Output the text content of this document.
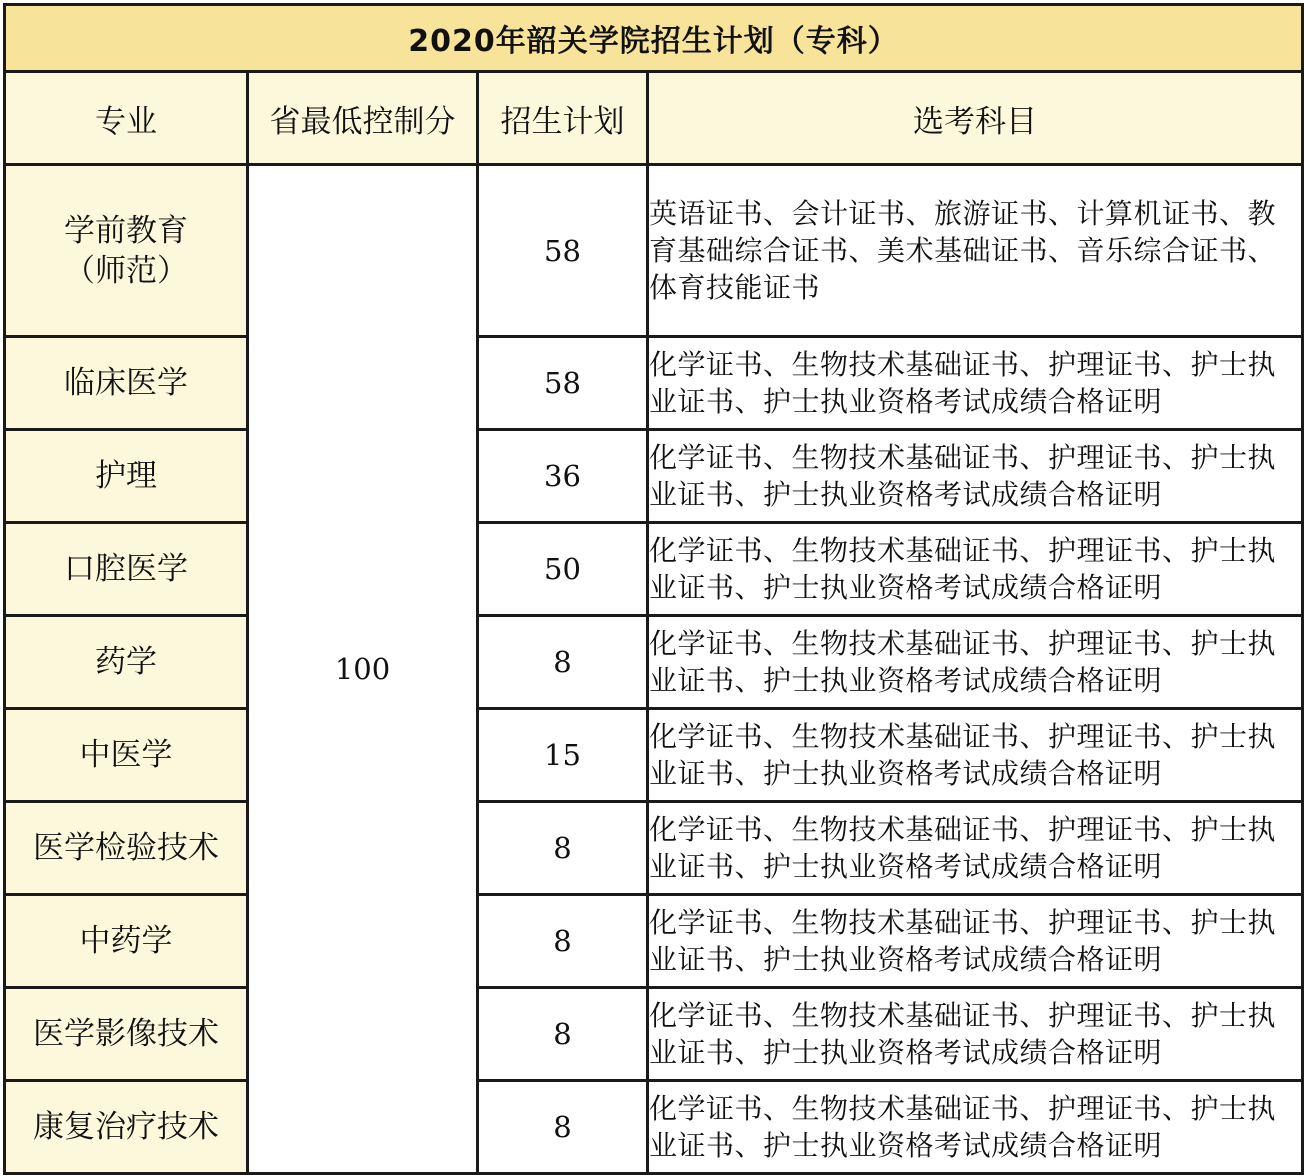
2020年韶关学院招生计划（专科）			
专业	省最低控制分	招生计划	选考科目

学前教育
（师范）	100	58	英语证书、会计证书、旅游证书、计算机证书、教育基础综合证书、美术基础证书、音乐综合证书、体育技能证书

临床医学		58	化学证书、生物技术基础证书、护理证书、护士执业证书、护士执业资格考试成绩合格证明

护理		36	化学证书、生物技术基础证书、护理证书、护士执业证书、护士执业资格考试成绩合格证明

口腔医学		50	化学证书、生物技术基础证书、护理证书、护士执业证书、护士执业资格考试成绩合格证明

药学		8	化学证书、生物技术基础证书、护理证书、护士执业证书、护士执业资格考试成绩合格证明

中医学		15	化学证书、生物技术基础证书、护理证书、护士执业证书、护士执业资格考试成绩合格证明

医学检验技术		8	化学证书、生物技术基础证书、护理证书、护士执业证书、护士执业资格考试成绩合格证明

中药学		8	化学证书、生物技术基础证书、护理证书、护士执业证书、护士执业资格考试成绩合格证明

医学影像技术		8	化学证书、生物技术基础证书、护理证书、护士执业证书、护士执业资格考试成绩合格证明

康复治疗技术		8	化学证书、生物技术基础证书、护理证书、护士执业证书、护士执业资格考试成绩合格证明
